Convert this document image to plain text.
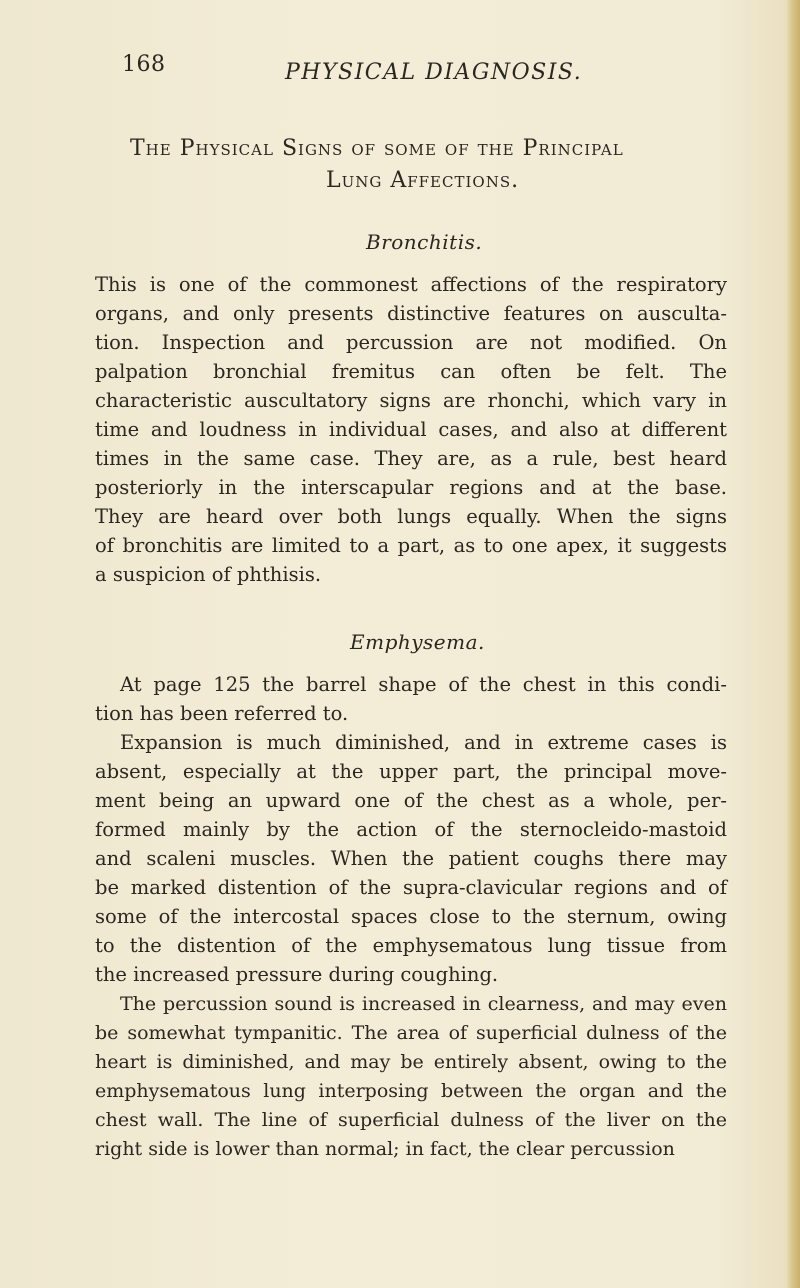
168	PHYSICAL DIAGNOSIS.
The Physical Signs of some of the Principal
Lung Affections.
Bronchitis.
This is one of the commonest affections of the respiratory
organs, and only presents distinctive features on ausculta-
tion. Inspection and percussion are not modified. On
palpation bronchial fremitus can often be felt. The
characteristic auscultatory signs are rhonchi, which vary in
time and loudness in individual cases, and also at different
times in the same case. They are, as a rule, best heard
posteriorly in the interscapular regions and at the base.
They are heard over both lungs equally. When the signs
of bronchitis are limited to a part, as to one apex, it suggests
a suspicion of phthisis.
Emphysema.
At page 125 the barrel shape of the chest in this condi-
tion has been referred to.
Expansion is much diminished, and in extreme cases is
absent, especially at the upper part, the principal move-
ment being an upward one of the chest as a whole, per-
formed mainly by the action of the sternocleido-mastoid
and scaleni muscles. When the patient coughs there may
be marked distention of the supra-clavicular regions and of
some of the intercostal spaces close to the sternum, owing
to the distention of the emphysematous lung tissue from
the increased pressure during coughing.
The percussion sound is increased in clearness, and may even
be somewhat tympanitic. The area of superficial dulness of the
heart is diminished, and may be entirely absent, owing to the
emphysematous lung interposing between the organ and the
chest wall. The line of superficial dulness of the liver on the
right side is lower than normal; in fact, the clear percussion
